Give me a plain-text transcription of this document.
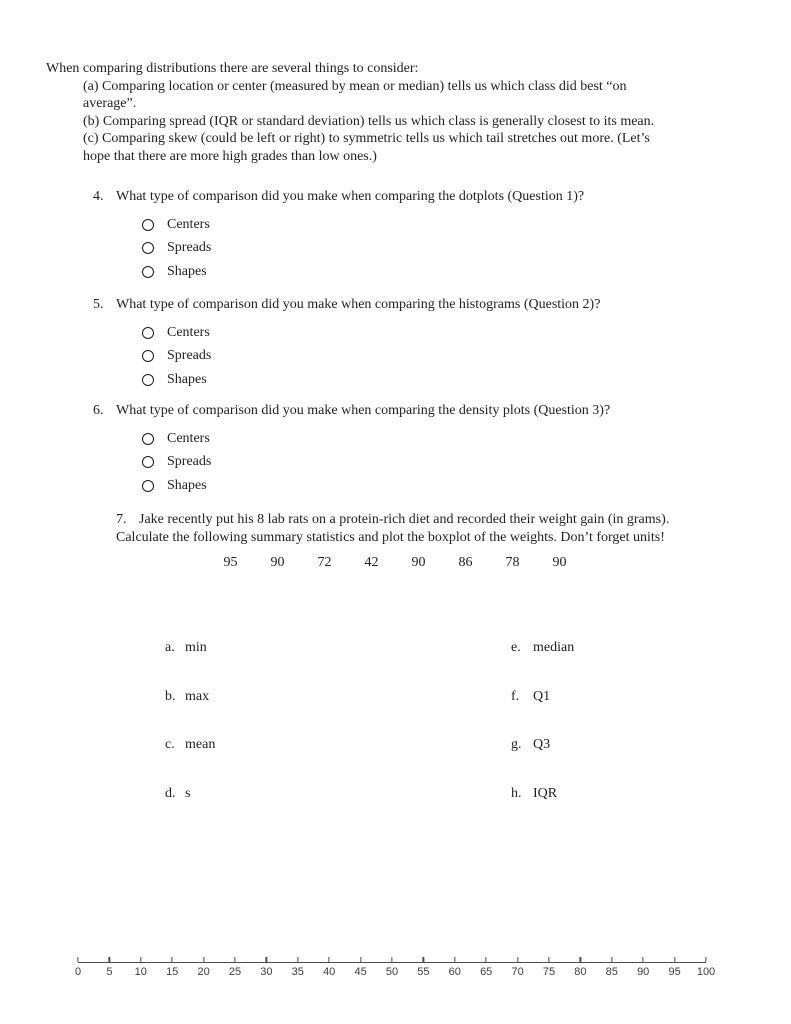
When comparing distributions there are several things to consider:
(a) Comparing location or center (measured by mean or median) tells us which class did best “on
average”.
(b) Comparing spread (IQR or standard deviation) tells us which class is generally closest to its mean.
(c) Comparing skew (could be left or right) to symmetric tells us which tail stretches out more. (Let’s
hope that there are more high grades than low ones.)
4. What type of comparison did you make when comparing the dotplots (Question 1)?
Centers
Spreads
Shapes
5. What type of comparison did you make when comparing the histograms (Question 2)?
Centers
Spreads
Shapes
6. What type of comparison did you make when comparing the density plots (Question 3)?
Centers
Spreads
Shapes
7. Jake recently put his 8 lab rats on a protein-rich diet and recorded their weight gain (in grams).
Calculate the following summary statistics and plot the boxplot of the weights. Don’t forget units!
95	90	72	42	90	86	78	90
a. min
b. max
c. mean
d. s
e. median
f. Q1
g. Q3
h. IQR
0 5 10 15 20 25 30 35 40 45 50 55 60 65 70 75 80 85 90 95 100
